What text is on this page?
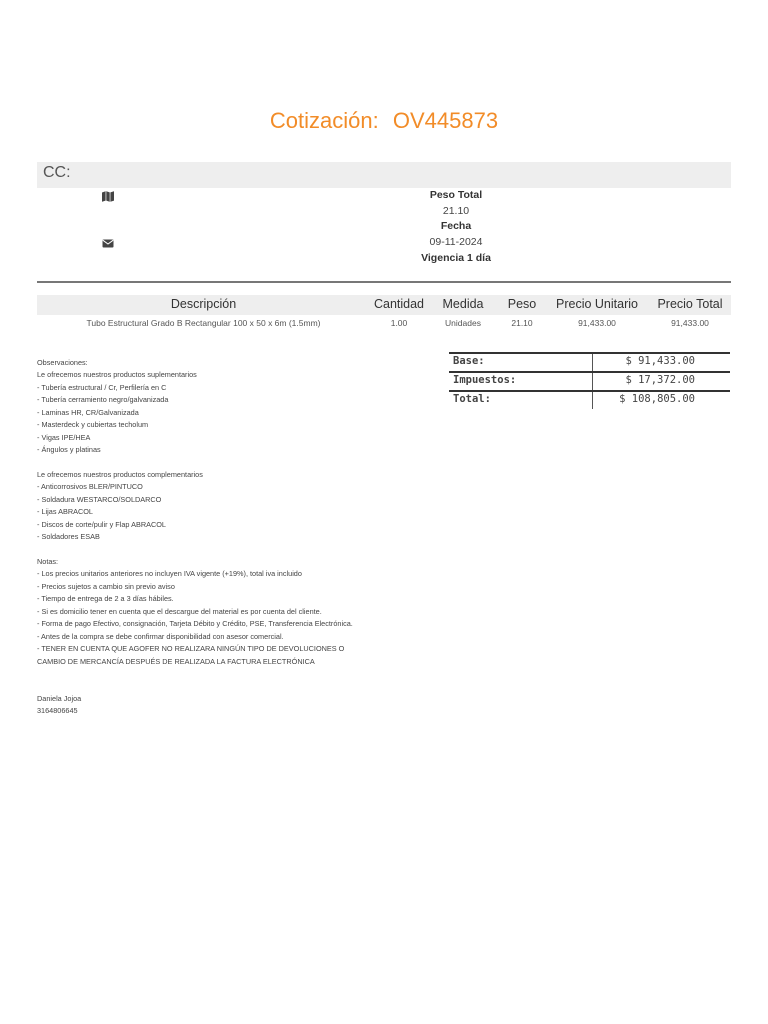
Cotización: OV445873
CC:
Peso Total
21.10
Fecha
09-11-2024
Vigencia 1 día
Descripción	Cantidad	Medida	Peso	Precio Unitario	Precio Total
Tubo Estructural Grado B Rectangular 100 x 50 x 6m (1.5mm)	1.00	Unidades	21.10	91,433.00	91,433.00
Base:	$ 91,433.00
Impuestos:	$ 17,372.00
Total:	$ 108,805.00
Observaciones:
Le ofrecemos nuestros productos suplementarios
- Tubería estructural / Cr, Perfilería en C
- Tubería cerramiento negro/galvanizada
- Laminas HR, CR/Galvanizada
- Masterdeck y cubiertas techolum
- Vigas IPE/HEA
- Ángulos y platinas
Le ofrecemos nuestros productos complementarios
- Anticorrosivos BLER/PINTUCO
- Soldadura WESTARCO/SOLDARCO
- Lijas ABRACOL
- Discos de corte/pulir y Flap ABRACOL
- Soldadores ESAB
Notas:
- Los precios unitarios anteriores no incluyen IVA vigente (+19%), total iva incluido
- Precios sujetos a cambio sin previo aviso
- Tiempo de entrega de 2 a 3 días hábiles.
- Si es domicilio tener en cuenta que el descargue del material es por cuenta del cliente.
- Forma de pago Efectivo, consignación, Tarjeta Débito y Crédito, PSE, Transferencia Electrónica.
- Antes de la compra se debe confirmar disponibilidad con asesor comercial.
- TENER EN CUENTA QUE AGOFER NO REALIZARA NINGÚN TIPO DE DEVOLUCIONES O
CAMBIO DE MERCANCÍA DESPUÉS DE REALIZADA LA FACTURA ELECTRÓNICA
Daniela Jojoa
3164806645
